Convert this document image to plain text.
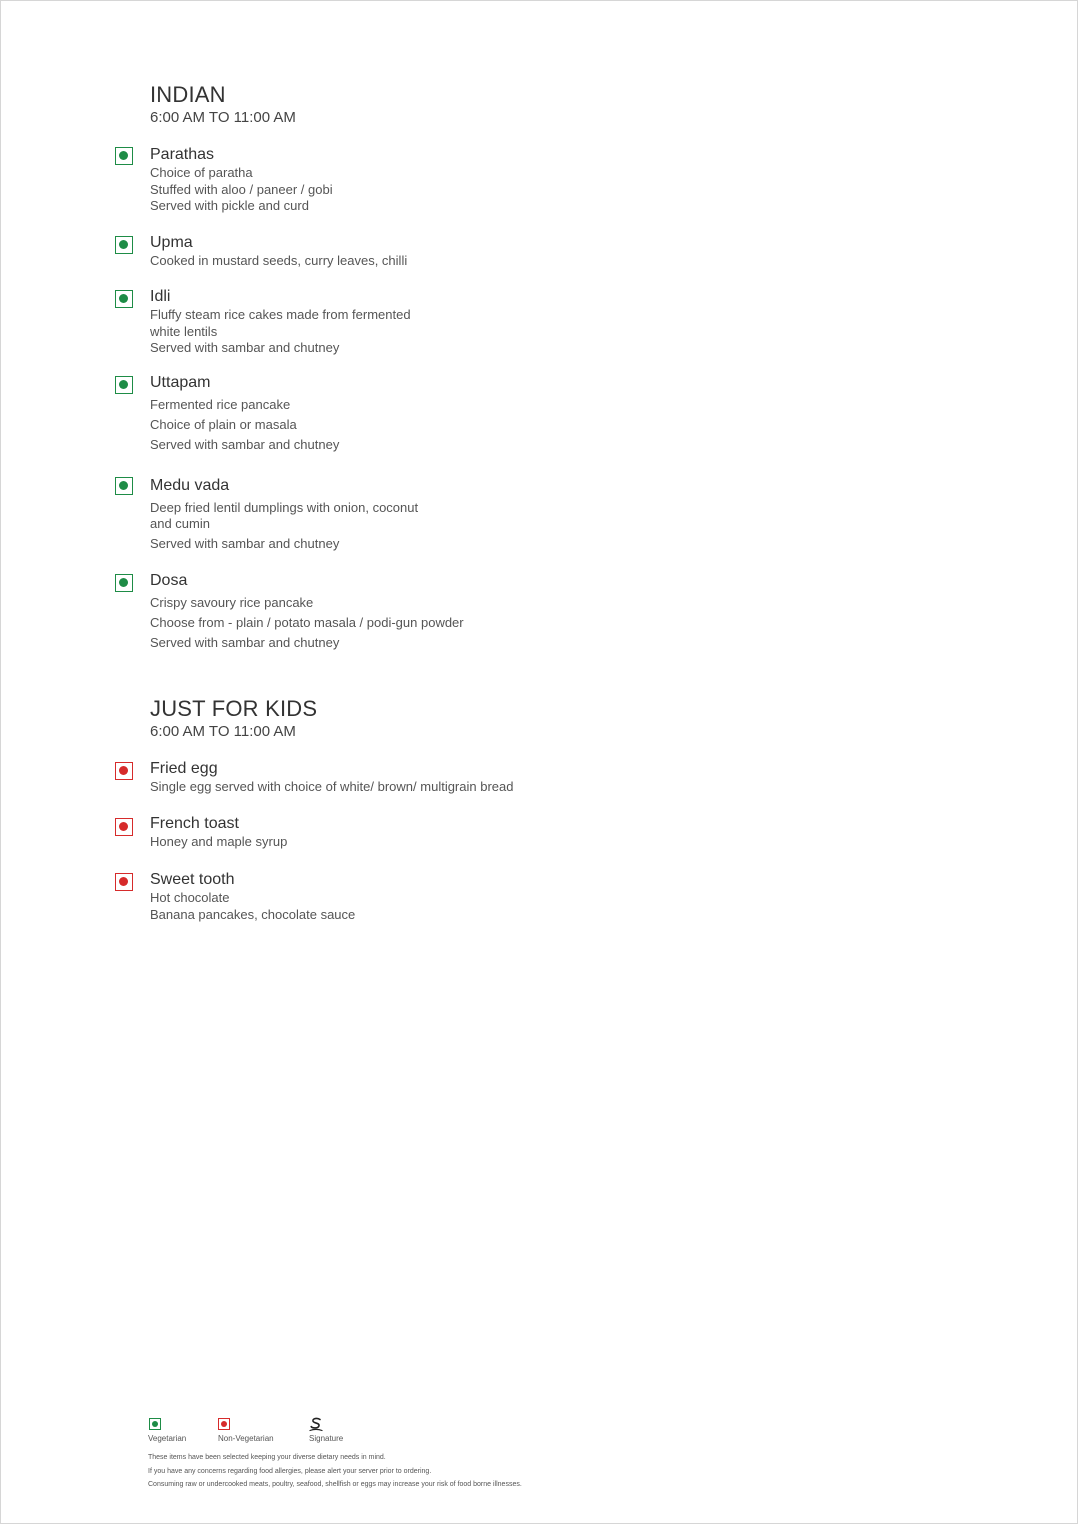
INDIAN
6:00 AM TO 11:00 AM
Parathas
Choice of paratha
Stuffed with aloo / paneer / gobi
Served with pickle and curd
Upma
Cooked in mustard seeds, curry leaves, chilli
Idli
Fluffy steam rice cakes made from fermented
white lentils
Served with sambar and chutney
Uttapam
Fermented rice pancake
Choice of plain or masala
Served with sambar and chutney
Medu vada
Deep fried lentil dumplings with onion, coconut
and cumin
Served with sambar and chutney
Dosa
Crispy savoury rice pancake
Choose from - plain / potato masala / podi-gun powder
Served with sambar and chutney
JUST FOR KIDS
6:00 AM TO 11:00 AM
Fried egg
Single egg served with choice of white/ brown/ multigrain bread
French toast
Honey and maple syrup
Sweet tooth
Hot chocolate
Banana pancakes, chocolate sauce
Vegetarian	Non-Vegetarian	Signature
These items have been selected keeping your diverse dietary needs in mind.
If you have any concerns regarding food allergies, please alert your server prior to ordering.
Consuming raw or undercooked meats, poultry, seafood, shellfish or eggs may increase your risk of food borne illnesses.
